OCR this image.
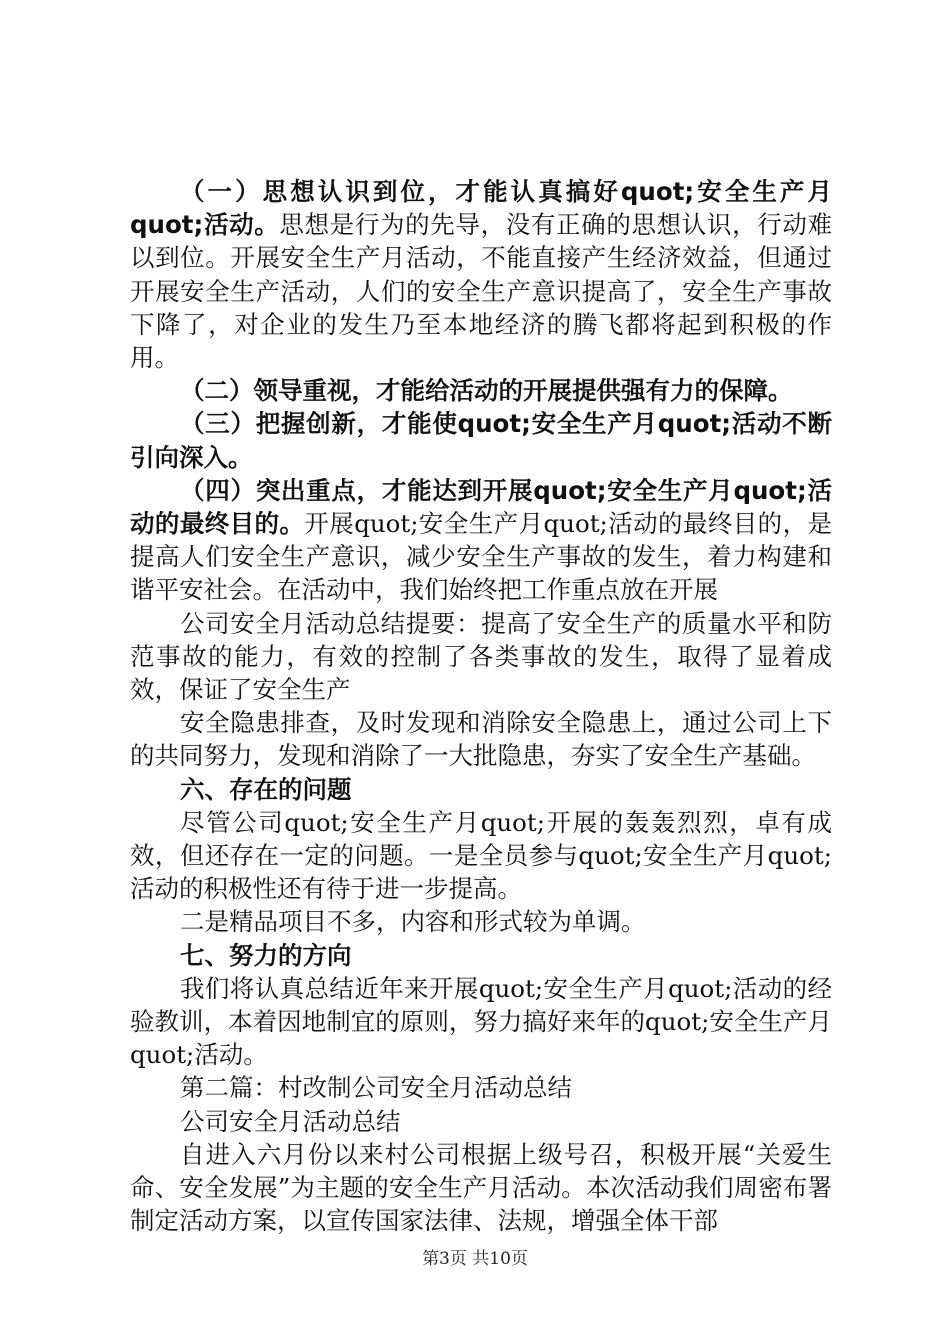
（一）思想认识到位，才能认真搞好quot;安全生产月quot;活动。思想是行为的先导，没有正确的思想认识，行动难以到位。开展安全生产月活动，不能直接产生经济效益，但通过开展安全生产活动，人们的安全生产意识提高了，安全生产事故下降了，对企业的发生乃至本地经济的腾飞都将起到积极的作用。

（二）领导重视，才能给活动的开展提供强有力的保障。

（三）把握创新，才能使quot;安全生产月quot;活动不断引向深入。

（四）突出重点，才能达到开展quot;安全生产月quot;活动的最终目的。开展quot;安全生产月quot;活动的最终目的，是提高人们安全生产意识，减少安全生产事故的发生，着力构建和谐平安社会。在活动中，我们始终把工作重点放在开展

公司安全月活动总结提要：提高了安全生产的质量水平和防范事故的能力，有效的控制了各类事故的发生，取得了显着成效，保证了安全生产

安全隐患排查，及时发现和消除安全隐患上，通过公司上下的共同努力，发现和消除了一大批隐患，夯实了安全生产基础。

六、存在的问题

尽管公司quot;安全生产月quot;开展的轰轰烈烈，卓有成效，但还存在一定的问题。一是全员参与quot;安全生产月quot;活动的积极性还有待于进一步提高。

二是精品项目不多，内容和形式较为单调。

七、努力的方向

我们将认真总结近年来开展quot;安全生产月quot;活动的经验教训，本着因地制宜的原则，努力搞好来年的quot;安全生产月quot;活动。

第二篇：村改制公司安全月活动总结

公司安全月活动总结

自进入六月份以来村公司根据上级号召，积极开展“关爱生命、安全发展”为主题的安全生产月活动。本次活动我们周密布署制定活动方案，以宣传国家法律、法规，增强全体干部

第3页 共10页
